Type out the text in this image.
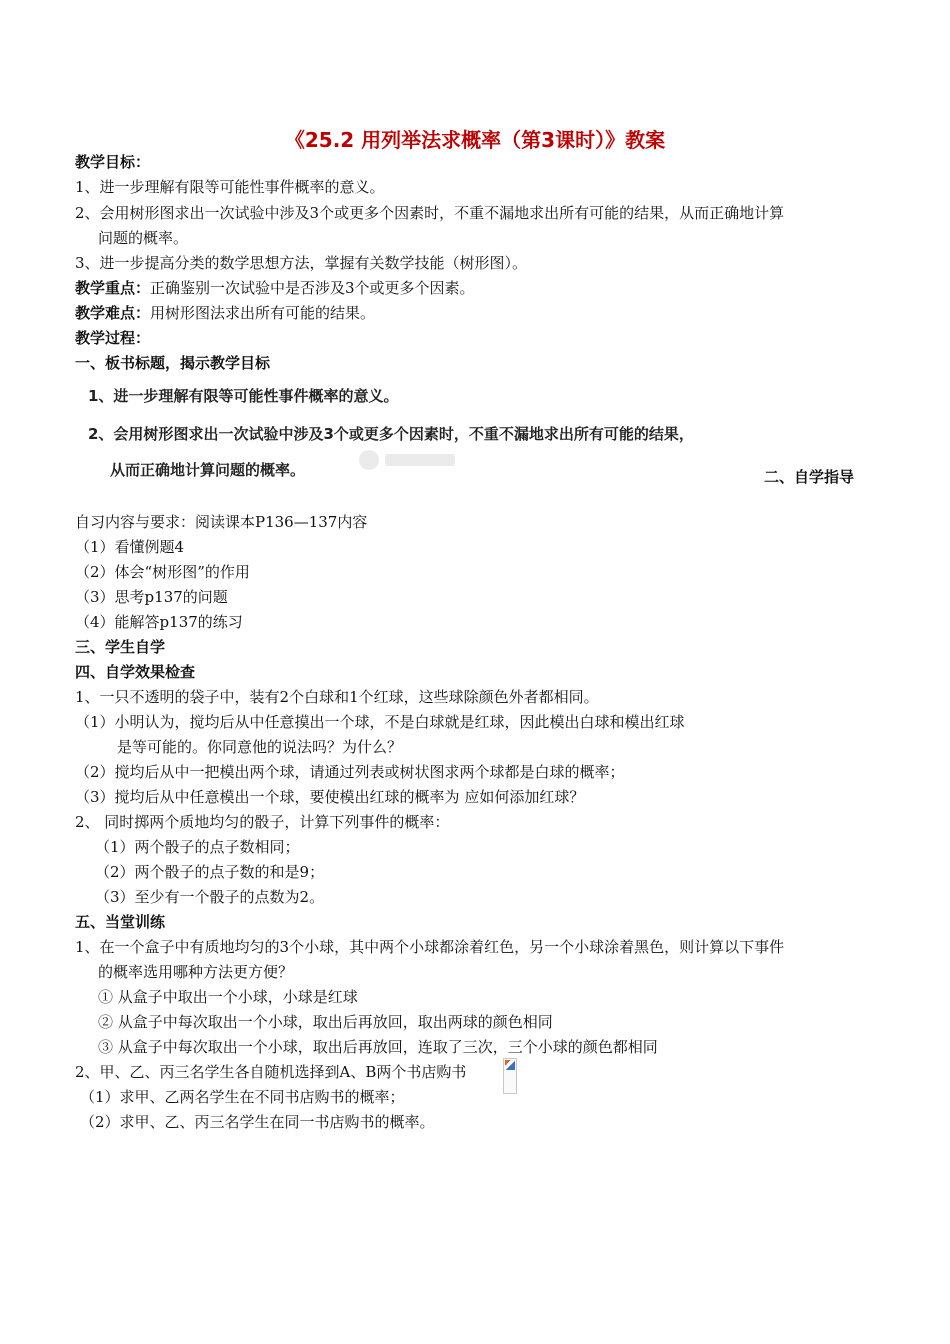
《25.2 用列举法求概率（第3课时）》教案
教学目标：
1、进一步理解有限等可能性事件概率的意义。
2、会用树形图求出一次试验中涉及3个或更多个因素时，不重不漏地求出所有可能的结果，从而正确地计算
问题的概率。
3、进一步提高分类的数学思想方法，掌握有关数学技能（树形图）。
教学重点：正确鉴别一次试验中是否涉及3个或更多个因素。
教学难点：用树形图法求出所有可能的结果。
教学过程：
一、板书标题，揭示教学目标
1、进一步理解有限等可能性事件概率的意义。
2、会用树形图求出一次试验中涉及3个或更多个因素时，不重不漏地求出所有可能的结果，
从而正确地计算问题的概率。	二、自学指导
自习内容与要求：阅读课本P136—137内容
（1）看懂例题4
（2）体会“树形图”的作用
（3）思考p137的问题
（4）能解答p137的练习
三、学生自学
四、自学效果检查
1、一只不透明的袋子中，装有2个白球和1个红球，这些球除颜色外者都相同。
（1）小明认为，搅均后从中任意摸出一个球，不是白球就是红球，因此模出白球和模出红球
是等可能的。你同意他的说法吗？为什么？
（2）搅均后从中一把模出两个球，请通过列表或树状图求两个球都是白球的概率；
（3）搅均后从中任意模出一个球，要使模出红球的概率为 应如何添加红球？
2、 同时掷两个质地均匀的骰子，计算下列事件的概率：
（1）两个骰子的点子数相同；
（2）两个骰子的点子数的和是9；
（3）至少有一个骰子的点数为2。
五、当堂训练
1、在一个盒子中有质地均匀的3个小球，其中两个小球都涂着红色，另一个小球涂着黑色，则计算以下事件
的概率选用哪种方法更方便？
① 从盒子中取出一个小球，小球是红球
② 从盒子中每次取出一个小球，取出后再放回，取出两球的颜色相同
③ 从盒子中每次取出一个小球，取出后再放回，连取了三次，三个小球的颜色都相同
2、甲、乙、丙三名学生各自随机选择到A、B两个书店购书
（1）求甲、乙两名学生在不同书店购书的概率；
（2）求甲、乙、丙三名学生在同一书店购书的概率。
